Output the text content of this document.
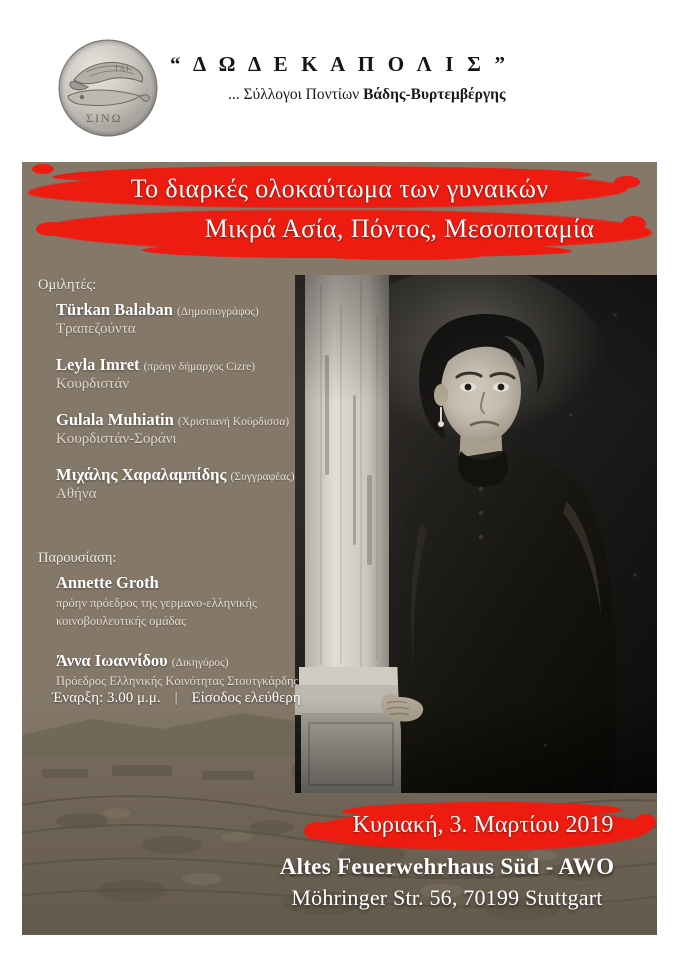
ΣΙΝΩ
ΤΑΙ “ Δ Ω Δ Ε Κ Α Π Ο Λ Ι Σ ”
... Σύλλογοι Ποντίων Βάδης-Βυρτεμβέργης
Το διαρκές ολοκαύτωμα των γυναικών
Μικρά Ασία, Πόντος, Μεσοποταμία
Ομιλητές:
Türkan Balaban (Δημοσιογράφος)
Τραπεζούντα
Leyla Imret (πρόην δήμαρχος Cizre)
Κουρδιστάν
Gulala Muhiatin (Χριστιανή Κούρδισσα)
Κουρδιστάν-Σοράνι
Μιχάλης Χαραλαμπίδης (Συγγραφέας)
Αθήνα
Παρουσίαση:
Annette Groth
πρόην πρόεδρος της γερμανο-ελληνικής
κοινοβουλευτικής ομάδας
Άννα Ιωαννίδου (Δικηγόρος)
Πρόεδρος Ελληνικής Κοινότητας Στουτγκάρδης
Έναρξη: 3.00 μ.μ. | Είσοδος ελεύθερη
Κυριακή, 3. Μαρτίου 2019
Altes Feuerwehrhaus Süd - AWO
Möhringer Str. 56, 70199 Stuttgart
